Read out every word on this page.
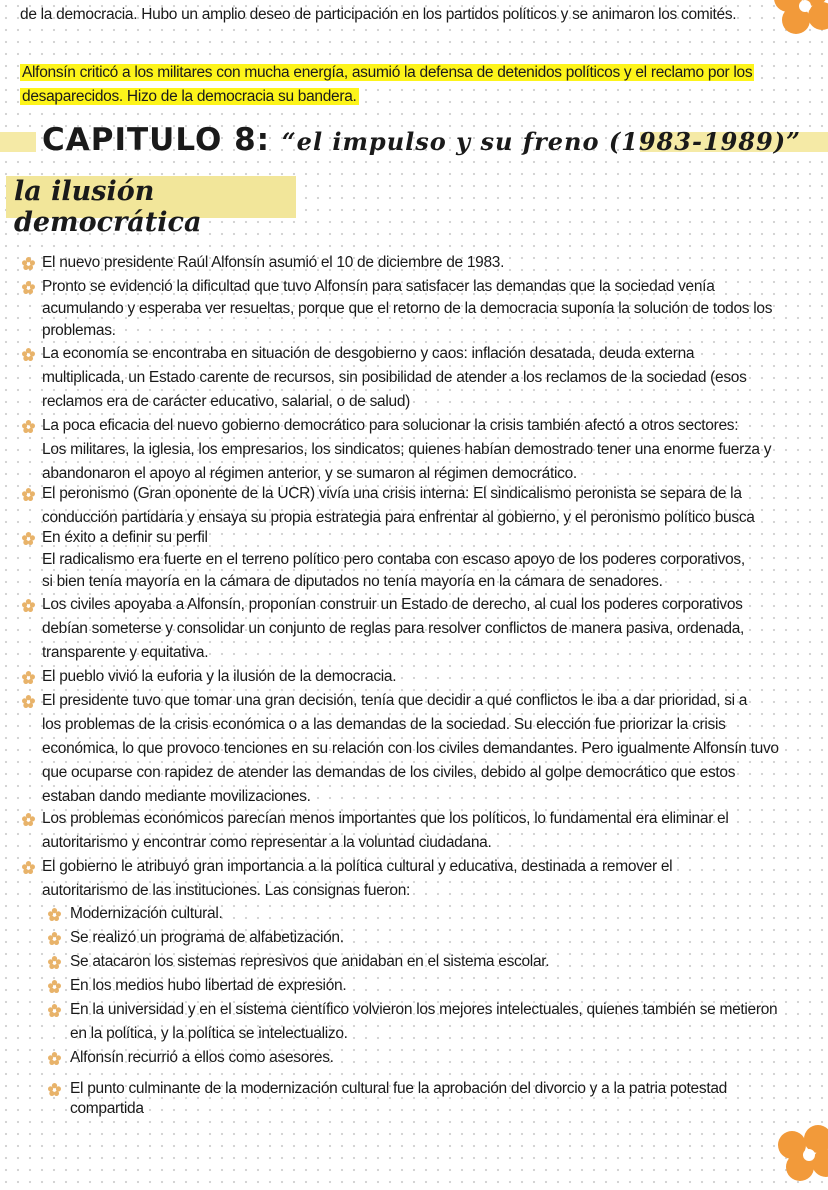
de la democracia. Hubo un amplio deseo de participación en los partidos políticos y se animaron los comités.
Alfonsín criticó a los militares con mucha energía, asumió la defensa de detenidos políticos y el reclamo por los
desaparecidos. Hizo de la democracia su bandera.
CAPITULO 8: “el impulso y su freno (1983-1989)”
la ilusión democrática
El nuevo presidente Raúl Alfonsín asumió el 10 de diciembre de 1983.
Pronto se evidenció la dificultad que tuvo Alfonsín para satisfacer las demandas que la sociedad venía
acumulando y esperaba ver resueltas, porque que el retorno de la democracia suponía la solución de todos los
problemas.
La economía se encontraba en situación de desgobierno y caos: inflación desatada, deuda externa
multiplicada, un Estado carente de recursos, sin posibilidad de atender a los reclamos de la sociedad (esos
reclamos era de carácter educativo, salarial, o de salud)
La poca eficacia del nuevo gobierno democrático para solucionar la crisis también afectó a otros sectores:
Los militares, la iglesia, los empresarios, los sindicatos; quienes habían demostrado tener una enorme fuerza y
abandonaron el apoyo al régimen anterior, y se sumaron al régimen democrático.
El peronismo (Gran oponente de la UCR) vivía una crisis interna: El sindicalismo peronista se separa de la
conducción partidaria y ensaya su propia estrategia para enfrentar al gobierno, y el peronismo político busca
En éxito a definir su perfil
El radicalismo era fuerte en el terreno político pero contaba con escaso apoyo de los poderes corporativos,
si bien tenía mayoría en la cámara de diputados no tenía mayoría en la cámara de senadores.
Los civiles apoyaba a Alfonsín, proponían construir un Estado de derecho, al cual los poderes corporativos
debían someterse y consolidar un conjunto de reglas para resolver conflictos de manera pasiva, ordenada,
transparente y equitativa.
El pueblo vivió la euforia y la ilusión de la democracia.
El presidente tuvo que tomar una gran decisión, tenía que decidir a qué conflictos le iba a dar prioridad, si a
los problemas de la crisis económica o a las demandas de la sociedad. Su elección fue priorizar la crisis
económica, lo que provoco tenciones en su relación con los civiles demandantes. Pero igualmente Alfonsín tuvo
que ocuparse con rapidez de atender las demandas de los civiles, debido al golpe democrático que estos
estaban dando mediante movilizaciones.
Los problemas económicos parecían menos importantes que los políticos, lo fundamental era eliminar el
autoritarismo y encontrar como representar a la voluntad ciudadana.
El gobierno le atribuyó gran importancia a la política cultural y educativa, destinada a remover el
autoritarismo de las instituciones. Las consignas fueron:
Modernización cultural.
Se realizó un programa de alfabetización.
Se atacaron los sistemas represivos que anidaban en el sistema escolar.
En los medios hubo libertad de expresión.
En la universidad y en el sistema científico volvieron los mejores intelectuales, quienes también se metieron
en la política, y la política se intelectualizo.
Alfonsín recurrió a ellos como asesores.
El punto culminante de la modernización cultural fue la aprobación del divorcio y a la patria potestad
compartida
